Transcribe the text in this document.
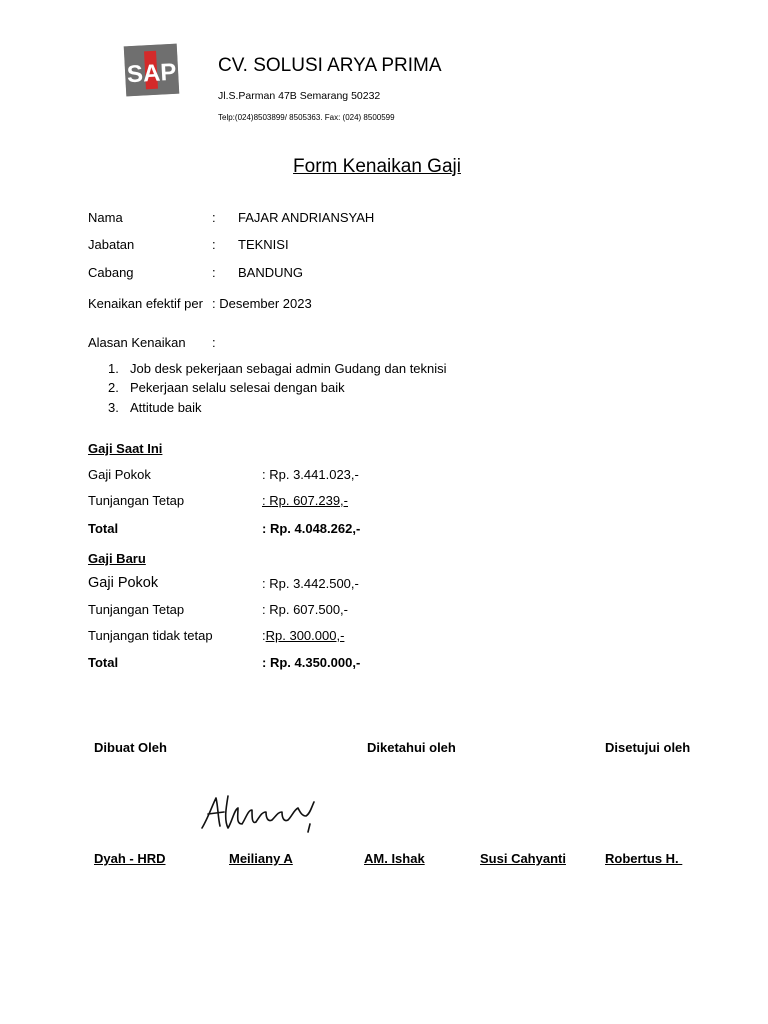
SAP CV. SOLUSI ARYA PRIMA
Jl.S.Parman 47B Semarang 50232
Telp:(024)8503899/ 8505363. Fax: (024) 8500599
Form Kenaikan Gaji
Nama	: FAJAR ANDRIANSYAH
Jabatan	: TEKNISI
Cabang	: BANDUNG
Kenaikan efektif per : Desember 2023
Alasan Kenaikan :
1. Job desk pekerjaan sebagai admin Gudang dan teknisi
2. Pekerjaan selalu selesai dengan baik
3. Attitude baik
Gaji Saat Ini
Gaji Pokok	: Rp. 3.441.023,-
Tunjangan Tetap	: Rp. 607.239,-
Total	: Rp. 4.048.262,-
Gaji Baru
Gaji Pokok	: Rp. 3.442.500,-
Tunjangan Tetap	: Rp. 607.500,-
Tunjangan tidak tetap	:Rp. 300.000,-
Total	: Rp. 4.350.000,-
Dibuat Oleh	Diketahui oleh	Disetujui oleh
Dyah - HRD	Meiliany A	AM. Ishak	Susi Cahyanti	Robertus H.
